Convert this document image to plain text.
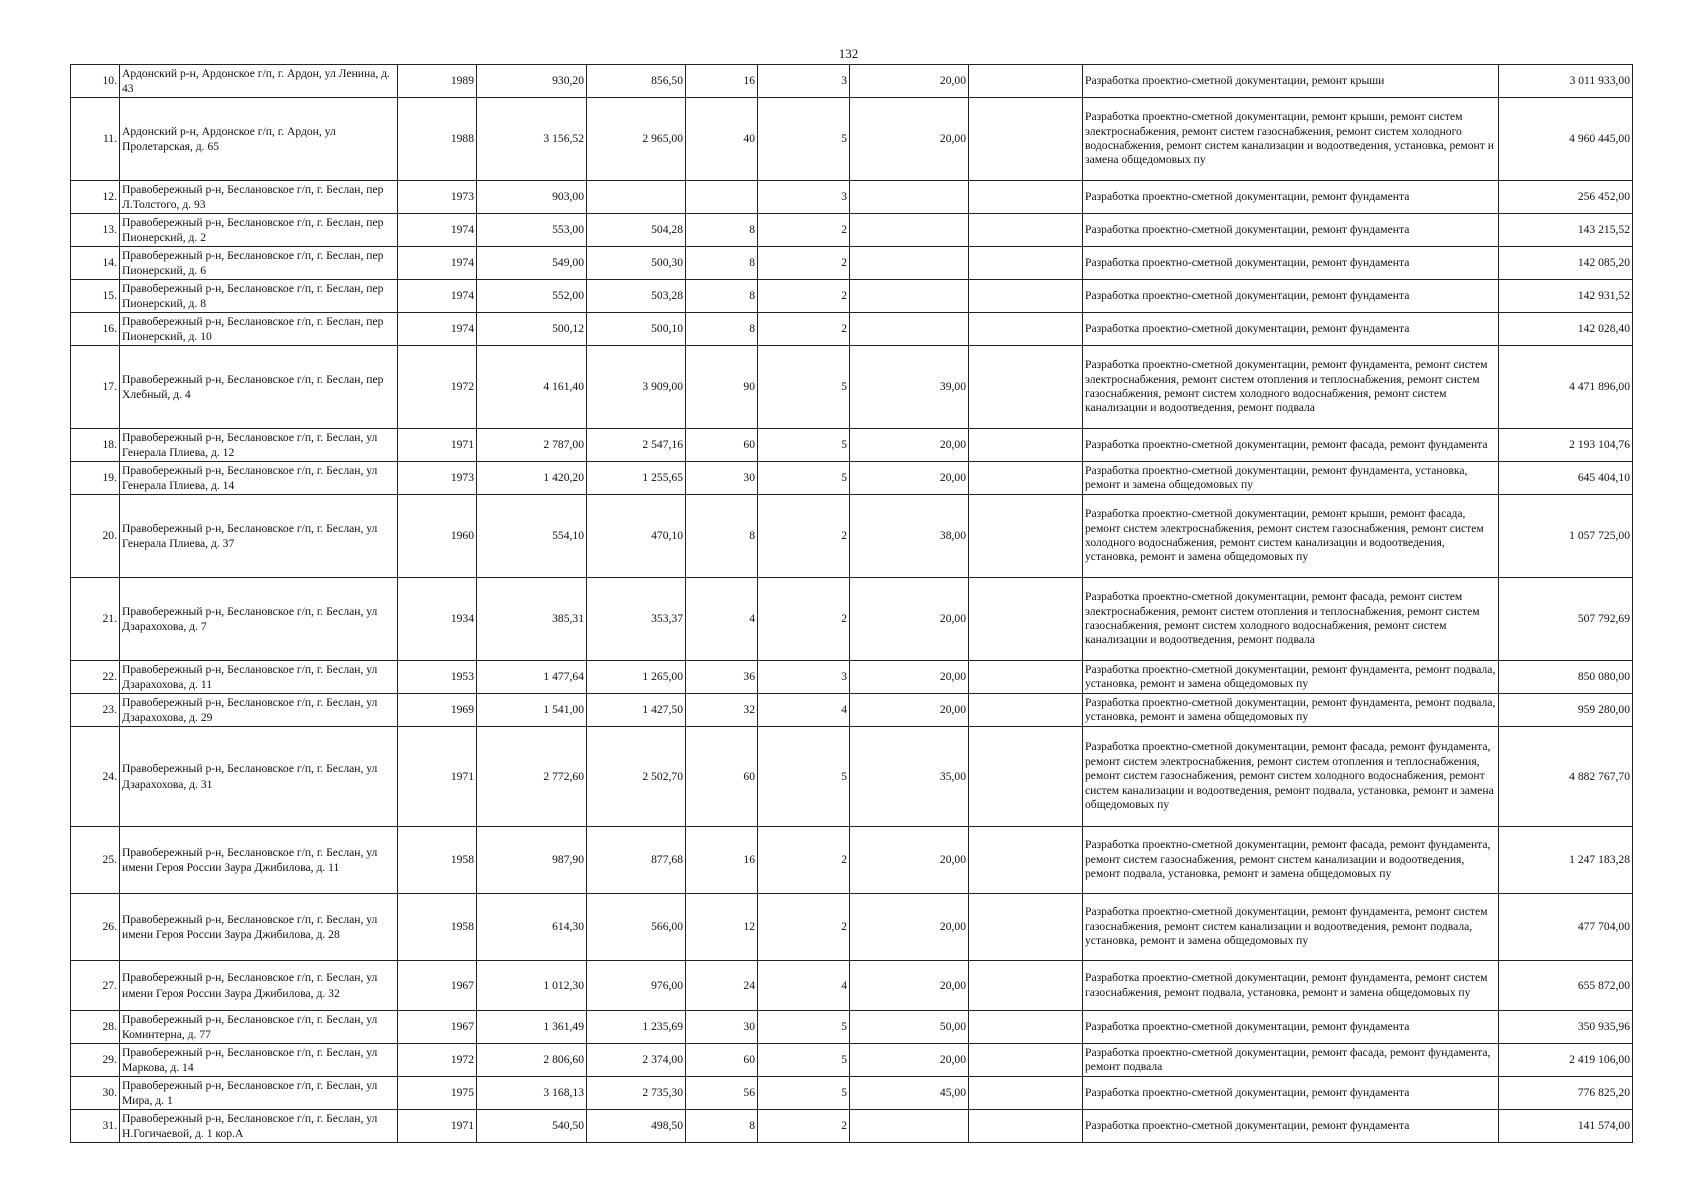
132
10.	Ардонский р-н, Ардонское г/п, г. Ардон, ул Ленина, д. 43	1989	930,20	856,50	16	3	20,00		Разработка проектно-сметной документации, ремонт крыши	3 011 933,00
11.	Ардонский р-н, Ардонское г/п, г. Ардон, ул Пролетарская, д. 65	1988	3 156,52	2 965,00	40	5	20,00		Разработка проектно-сметной документации, ремонт крыши, ремонт систем электроснабжения, ремонт систем газоснабжения, ремонт систем холодного водоснабжения, ремонт систем канализации и водоотведения, установка, ремонт и замена общедомовых пу	4 960 445,00
12.	Правобережный р-н, Беслановское г/п, г. Беслан, пер Л.Толстого, д. 93	1973	903,00			3			Разработка проектно-сметной документации, ремонт фундамента	256 452,00
13.	Правобережный р-н, Беслановское г/п, г. Беслан, пер Пионерский, д. 2	1974	553,00	504,28	8	2			Разработка проектно-сметной документации, ремонт фундамента	143 215,52
14.	Правобережный р-н, Беслановское г/п, г. Беслан, пер Пионерский, д. 6	1974	549,00	500,30	8	2			Разработка проектно-сметной документации, ремонт фундамента	142 085,20
15.	Правобережный р-н, Беслановское г/п, г. Беслан, пер Пионерский, д. 8	1974	552,00	503,28	8	2			Разработка проектно-сметной документации, ремонт фундамента	142 931,52
16.	Правобережный р-н, Беслановское г/п, г. Беслан, пер Пионерский, д. 10	1974	500,12	500,10	8	2			Разработка проектно-сметной документации, ремонт фундамента	142 028,40
17.	Правобережный р-н, Беслановское г/п, г. Беслан, пер Хлебный, д. 4	1972	4 161,40	3 909,00	90	5	39,00		Разработка проектно-сметной документации, ремонт фундамента, ремонт систем электроснабжения, ремонт систем отопления и теплоснабжения, ремонт систем газоснабжения, ремонт систем холодного водоснабжения, ремонт систем канализации и водоотведения, ремонт подвала	4 471 896,00
18.	Правобережный р-н, Беслановское г/п, г. Беслан, ул Генерала Плиева, д. 12	1971	2 787,00	2 547,16	60	5	20,00		Разработка проектно-сметной документации, ремонт фасада, ремонт фундамента	2 193 104,76
19.	Правобережный р-н, Беслановское г/п, г. Беслан, ул Генерала Плиева, д. 14	1973	1 420,20	1 255,65	30	5	20,00		Разработка проектно-сметной документации, ремонт фундамента, установка, ремонт и замена общедомовых пу	645 404,10
20.	Правобережный р-н, Беслановское г/п, г. Беслан, ул Генерала Плиева, д. 37	1960	554,10	470,10	8	2	38,00		Разработка проектно-сметной документации, ремонт крыши, ремонт фасада, ремонт систем электроснабжения, ремонт систем газоснабжения, ремонт систем холодного водоснабжения, ремонт систем канализации и водоотведения, установка, ремонт и замена общедомовых пу	1 057 725,00
21.	Правобережный р-н, Беслановское г/п, г. Беслан, ул Дзарахохова, д. 7	1934	385,31	353,37	4	2	20,00		Разработка проектно-сметной документации, ремонт фасада, ремонт систем электроснабжения, ремонт систем отопления и теплоснабжения, ремонт систем газоснабжения, ремонт систем холодного водоснабжения, ремонт систем канализации и водоотведения, ремонт подвала	507 792,69
22.	Правобережный р-н, Беслановское г/п, г. Беслан, ул Дзарахохова, д. 11	1953	1 477,64	1 265,00	36	3	20,00		Разработка проектно-сметной документации, ремонт фундамента, ремонт подвала, установка, ремонт и замена общедомовых пу	850 080,00
23.	Правобережный р-н, Беслановское г/п, г. Беслан, ул Дзарахохова, д. 29	1969	1 541,00	1 427,50	32	4	20,00		Разработка проектно-сметной документации, ремонт фундамента, ремонт подвала, установка, ремонт и замена общедомовых пу	959 280,00
24.	Правобережный р-н, Беслановское г/п, г. Беслан, ул Дзарахохова, д. 31	1971	2 772,60	2 502,70	60	5	35,00		Разработка проектно-сметной документации, ремонт фасада, ремонт фундамента, ремонт систем электроснабжения, ремонт систем отопления и теплоснабжения, ремонт систем газоснабжения, ремонт систем холодного водоснабжения, ремонт систем канализации и водоотведения, ремонт подвала, установка, ремонт и замена общедомовых пу	4 882 767,70
25.	Правобережный р-н, Беслановское г/п, г. Беслан, ул имени Героя России Заура Джибилова, д. 11	1958	987,90	877,68	16	2	20,00		Разработка проектно-сметной документации, ремонт фасада, ремонт фундамента, ремонт систем газоснабжения, ремонт систем канализации и водоотведения, ремонт подвала, установка, ремонт и замена общедомовых пу	1 247 183,28
26.	Правобережный р-н, Беслановское г/п, г. Беслан, ул имени Героя России Заура Джибилова, д. 28	1958	614,30	566,00	12	2	20,00		Разработка проектно-сметной документации, ремонт фундамента, ремонт систем газоснабжения, ремонт систем канализации и водоотведения, ремонт подвала, установка, ремонт и замена общедомовых пу	477 704,00
27.	Правобережный р-н, Беслановское г/п, г. Беслан, ул имени Героя России Заура Джибилова, д. 32	1967	1 012,30	976,00	24	4	20,00		Разработка проектно-сметной документации, ремонт фундамента, ремонт систем газоснабжения, ремонт подвала, установка, ремонт и замена общедомовых пу	655 872,00
28.	Правобережный р-н, Беслановское г/п, г. Беслан, ул Коминтерна, д. 77	1967	1 361,49	1 235,69	30	5	50,00		Разработка проектно-сметной документации, ремонт фундамента	350 935,96
29.	Правобережный р-н, Беслановское г/п, г. Беслан, ул Маркова, д. 14	1972	2 806,60	2 374,00	60	5	20,00		Разработка проектно-сметной документации, ремонт фасада, ремонт фундамента, ремонт подвала	2 419 106,00
30.	Правобережный р-н, Беслановское г/п, г. Беслан, ул Мира, д. 1	1975	3 168,13	2 735,30	56	5	45,00		Разработка проектно-сметной документации, ремонт фундамента	776 825,20
31.	Правобережный р-н, Беслановское г/п, г. Беслан, ул Н.Гогичаевой, д. 1 кор.А	1971	540,50	498,50	8	2			Разработка проектно-сметной документации, ремонт фундамента	141 574,00
